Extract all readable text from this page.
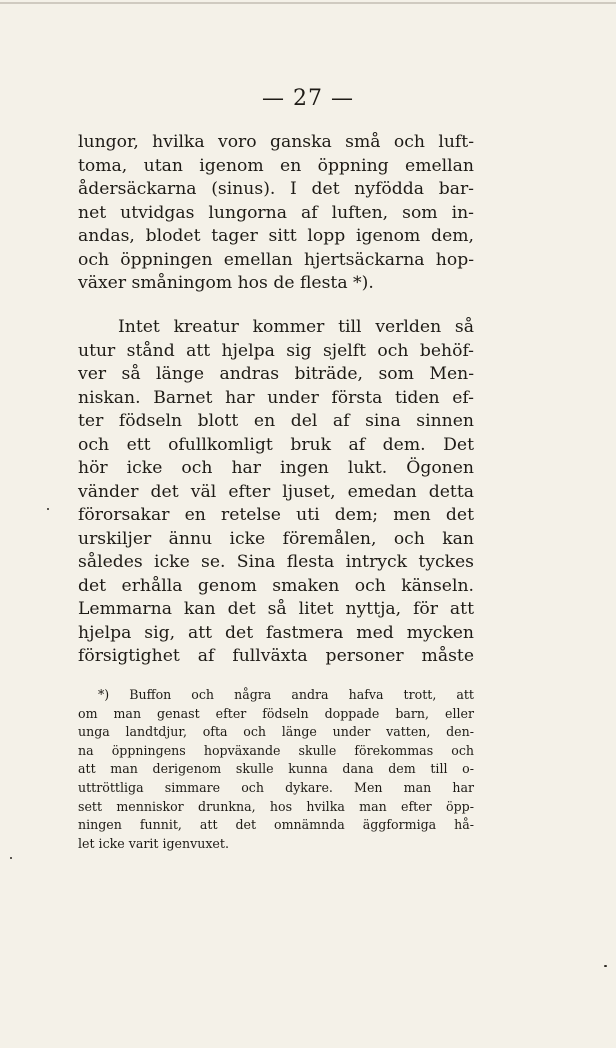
— 27 —
lungor, hvilka voro ganska små och luft-
toma, utan igenom en öppning emellan
ådersäckarna (sinus). I det nyfödda bar-
net utvidgas lungorna af luften, som in-
andas, blodet tager sitt lopp igenom dem,
och öppningen emellan hjertsäckarna hop-
växer småningom hos de flesta *).
Intet kreatur kommer till verlden så
utur stånd att hjelpa sig sjelft och behöf-
ver så länge andras biträde, som Men-
niskan. Barnet har under första tiden ef-
ter födseln blott en del af sina sinnen
och ett ofullkomligt bruk af dem. Det
hör icke och har ingen lukt. Ögonen
vänder det väl efter ljuset, emedan detta
förorsakar en retelse uti dem; men det
urskiljer ännu icke föremålen, och kan
således icke se. Sina flesta intryck tyckes
det erhålla genom smaken och känseln.
Lemmarna kan det så litet nyttja, för att
hjelpa sig, att det fastmera med mycken
försigtighet af fullväxta personer måste
*) Buffon och några andra hafva trott, att
om man genast efter födseln doppade barn, eller
unga landtdjur, ofta och länge under vatten, den-
na öppningens hopväxande skulle förekommas och
att man derigenom skulle kunna dana dem till o-
uttröttliga simmare och dykare. Men man har
sett menniskor drunkna, hos hvilka man efter öpp-
ningen funnit, att det omnämnda äggformiga hå-
let icke varit igenvuxet.
